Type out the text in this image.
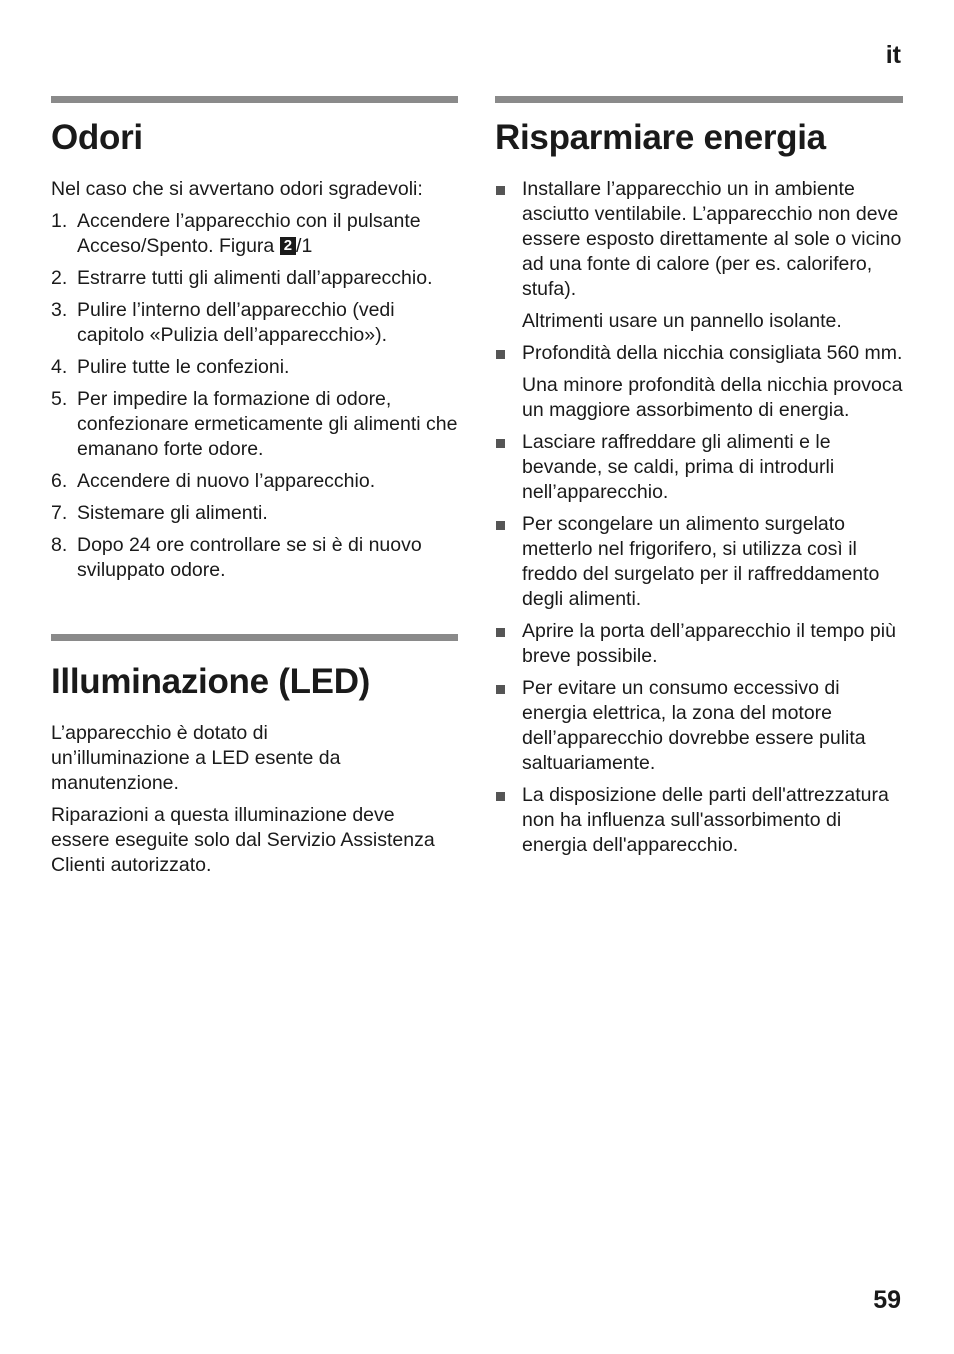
it
Odori

Nel caso che si avvertano odori sgradevoli:

1. Accendere l’apparecchio con il pulsante Acceso/Spento. Figura 2 /1
2. Estrarre tutti gli alimenti dall’apparecchio.
3. Pulire l’interno dell’apparecchio (vedi capitolo «Pulizia dell’apparecchio»).
4. Pulire tutte le confezioni.
5. Per impedire la formazione di odore, confezionare ermeticamente gli alimenti che emanano forte odore.
6. Accendere di nuovo l’apparecchio.
7. Sistemare gli alimenti.
8. Dopo 24 ore controllare se si è di nuovo sviluppato odore.
Illuminazione (LED)

L’apparecchio è dotato di un’illuminazione a LED esente da manutenzione.

Riparazioni a questa illuminazione deve essere eseguite solo dal Servizio Assistenza Clienti autorizzato.

Risparmiare energia
Installare l’apparecchio un in ambiente asciutto ventilabile. L’apparecchio non deve essere esposto direttamente al sole o vicino ad una fonte di calore (per es. calorifero, stufa).
Altrimenti usare un pannello isolante.
Profondità della nicchia consigliata 560 mm.
Una minore profondità della nicchia provoca un maggiore assorbimento di energia.
Lasciare raffreddare gli alimenti e le bevande, se caldi, prima di introdurli nell’apparecchio.
Per scongelare un alimento surgelato metterlo nel frigorifero, si utilizza così il freddo del surgelato per il raffreddamento degli alimenti.
Aprire la porta dell’apparecchio il tempo più breve possibile.
Per evitare un consumo eccessivo di energia elettrica, la zona del motore dell’apparecchio dovrebbe essere pulita saltuariamente.
La disposizione delle parti dell'attrezzatura non ha influenza sull'assorbimento di energia dell'apparecchio.
59
